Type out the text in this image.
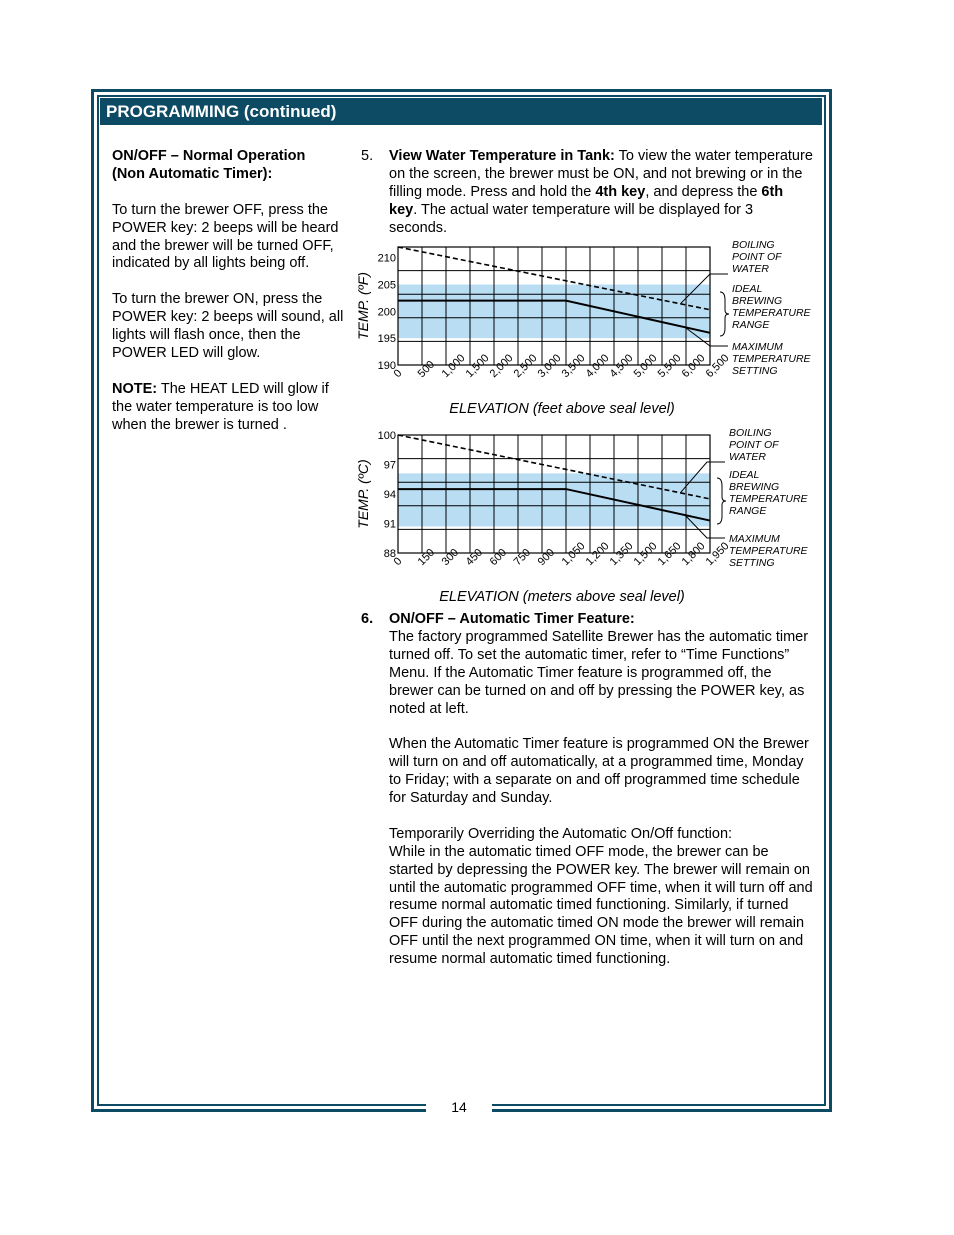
PROGRAMMING (continued)

ON/OFF – Normal Operation
(Non Automatic Timer):

To turn the brewer OFF, press the POWER key: 2 beeps will be heard and the brewer will be turned OFF, indicated by all lights being off.

To turn the brewer ON, press the POWER key: 2 beeps will sound, all lights will flash once, then the POWER LED will glow.

NOTE: The HEAT LED will glow if the water temperature is too low when the brewer is turned .

5. View Water Temperature in Tank: To view the water temperature on the screen, the brewer must be ON, and not brewing or in the filling mode. Press and hold the 4th key, and depress the 6th key. The actual water temperature will be displayed for 3 seconds.
190
195
200
205
210
0 500 1,000
1,500
2,000
2,500
3,000
3,500
4,000
4,500
5,000
5,500
6,000
6,500
TEMP. (ºF)
ELEVATION (feet above seal level)
BOILING
POINT OF
WATER
IDEAL
BREWING
TEMPERATURE
RANGE
MAXIMUM
TEMPERATURE
SETTING
88
91
94
97
100
0 150 300 450 600 750 900 1,050
1,200
1,350
1,500
1,650
1,800
1,950
TEMP. (ºC)
ELEVATION (meters above seal level)
BOILING
POINT OF
WATER
IDEAL
BREWING
TEMPERATURE
RANGE
MAXIMUM
TEMPERATURE
SETTING
6. ON/OFF – Automatic Timer Feature:

The factory programmed Satellite Brewer has the automatic timer turned off. To set the automatic timer, refer to “Time Functions” Menu. If the Automatic Timer feature is programmed off, the brewer can be turned on and off by pressing the POWER key, as noted at left.

When the Automatic Timer feature is programmed ON the Brewer will turn on and off automatically, at a programmed time, Monday to Friday; with a separate on and off programmed time schedule for Saturday and Sunday.

Temporarily Overriding the Automatic On/Off function:

While in the automatic timed OFF mode, the brewer can be started by depressing the POWER key. The brewer will remain on until the automatic programmed OFF time, when it will turn off and resume normal automatic timed functioning. Similarly, if turned OFF during the automatic timed ON mode the brewer will remain OFF until the next programmed ON time, when it will turn on and resume normal automatic timed functioning.

14
